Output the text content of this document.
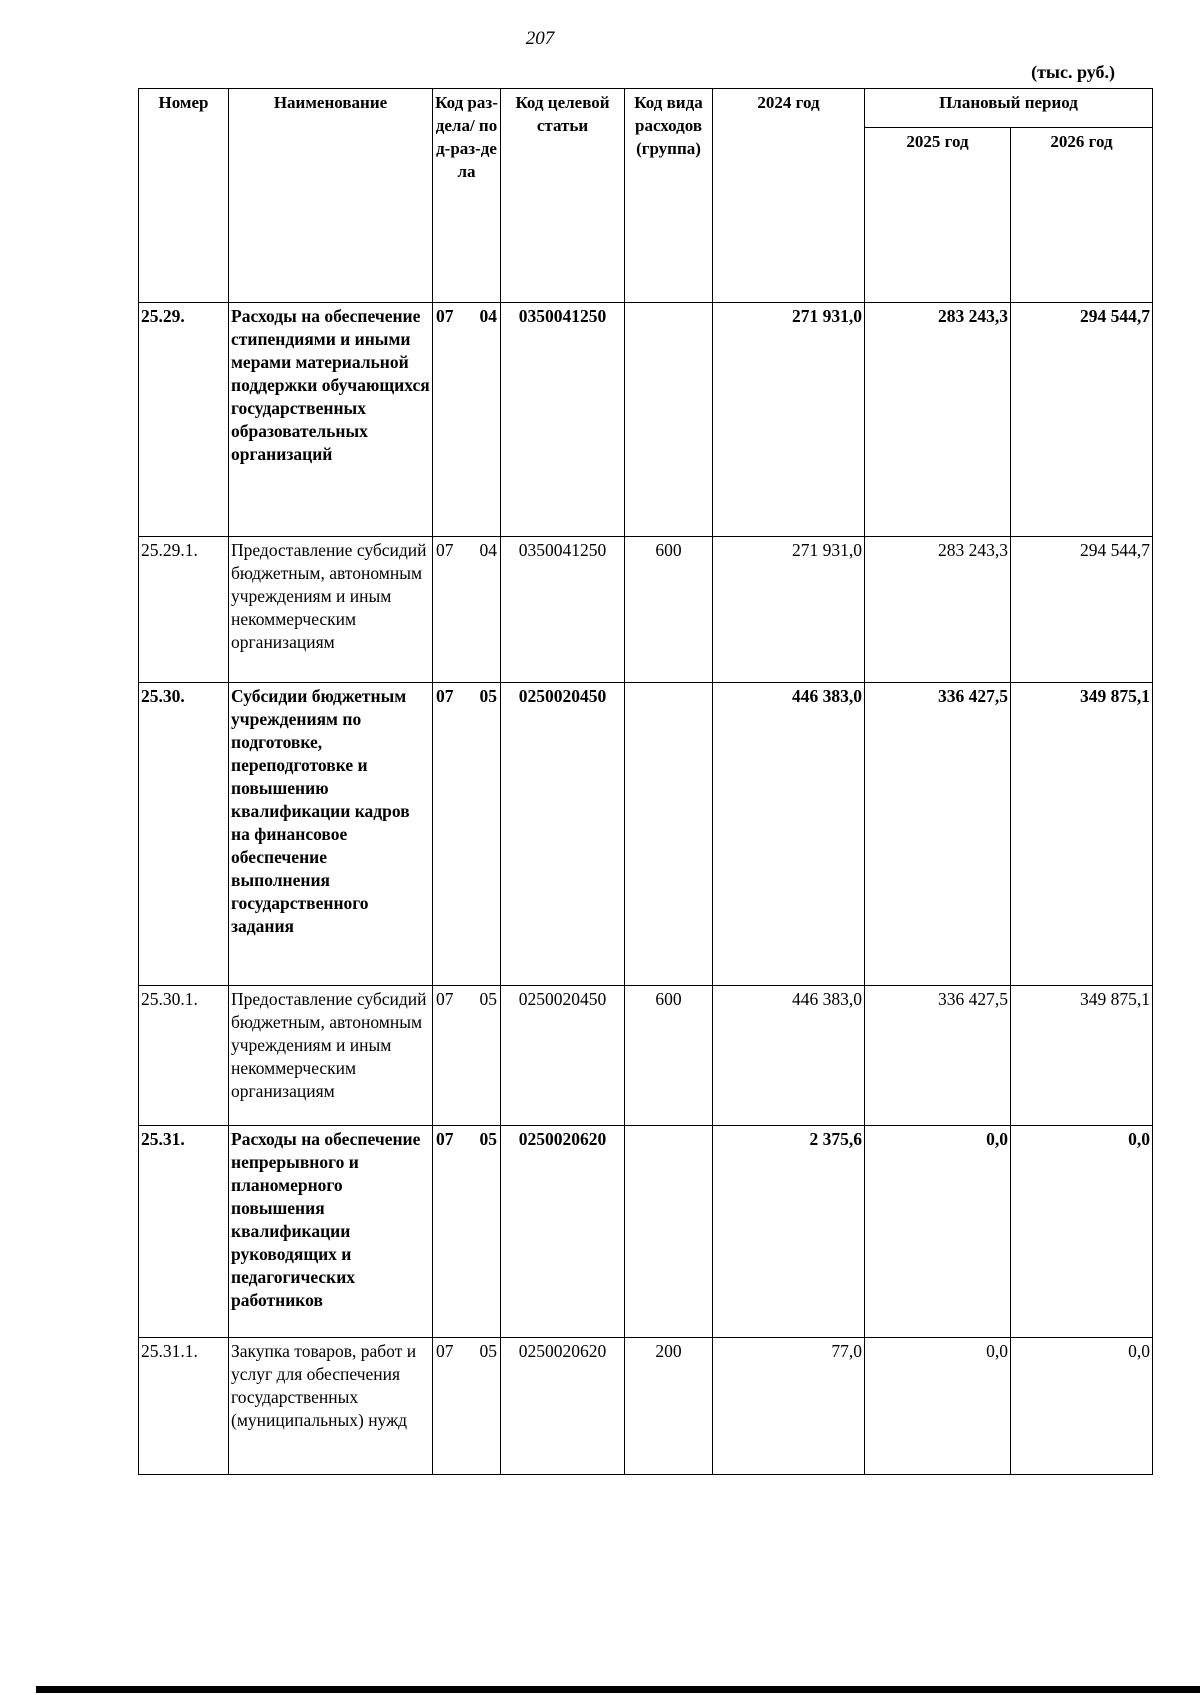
207
(тыс. руб.)
Номер	Наименование	Код раз-дела/ под-раз-дела	Код целевой статьи	Код вида расходов (группа)	2024 год	Плановый период	
						2025 год	2026 год
25.29.	Расходы на обеспечение стипендиями и иными мерами материальной поддержки обучающихся государственных образовательных организаций	07 04	0350041250		271 931,0	283 243,3	294 544,7
25.29.1.	Предоставление субсидий бюджетным, автономным учреждениям и иным некоммерческим организациям	07 04	0350041250	600	271 931,0	283 243,3	294 544,7
25.30.	Субсидии бюджетным учреждениям по подготовке, переподготовке и повышению квалификации кадров на финансовое обеспечение выполнения государственного задания	07 05	0250020450		446 383,0	336 427,5	349 875,1
25.30.1.	Предоставление субсидий бюджетным, автономным учреждениям и иным некоммерческим организациям	07 05	0250020450	600	446 383,0	336 427,5	349 875,1
25.31.	Расходы на обеспечение непрерывного и планомерного повышения квалификации руководящих и педагогических работников	07 05	0250020620		2 375,6	0,0	0,0
25.31.1.	Закупка товаров, работ и услуг для обеспечения государственных (муниципальных) нужд	07 05	0250020620	200	77,0	0,0	0,0
